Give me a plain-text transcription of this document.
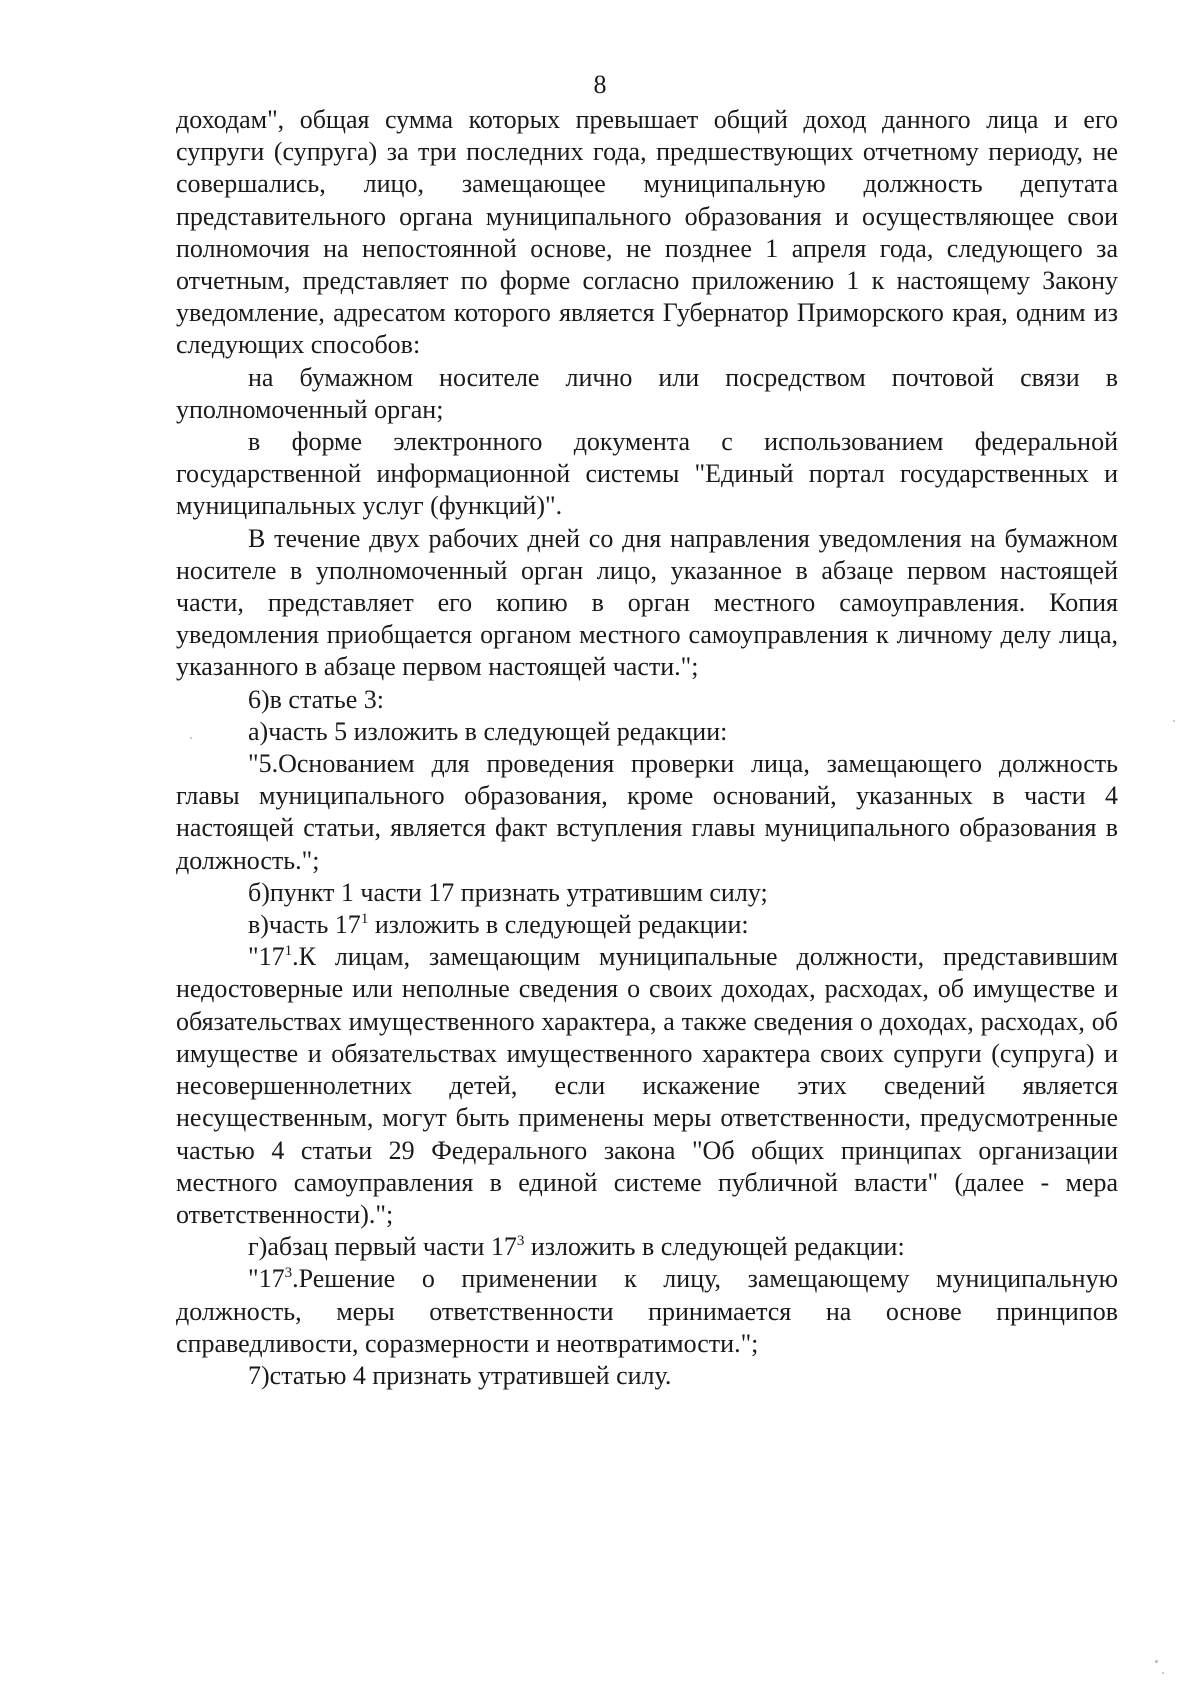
8

доходам", общая сумма которых превышает общий доход данного лица и его супруги (супруга) за три последних года, предшествующих отчетному периоду, не совершались, лицо, замещающее муниципальную должность депутата представительного органа муниципального образования и осуществляющее свои полномочия на непостоянной основе, не позднее 1 апреля года, следующего за отчетным, представляет по форме согласно приложению 1 к настоящему Закону уведомление, адресатом которого является Губернатор Приморского края, одним из следующих способов:

на бумажном носителе лично или посредством почтовой связи в уполномоченный орган;

в форме электронного документа с использованием федеральной государственной информационной системы "Единый портал государственных и муниципальных услуг (функций)".

В течение двух рабочих дней со дня направления уведомления на бумажном носителе в уполномоченный орган лицо, указанное в абзаце первом настоящей части, представляет его копию в орган местного самоуправления. Копия уведомления приобщается органом местного самоуправления к личному делу лица, указанного в абзаце первом настоящей части.";

6)в статье 3:

а)часть 5 изложить в следующей редакции:

"5.Основанием для проведения проверки лица, замещающего должность главы муниципального образования, кроме оснований, указанных в части 4 настоящей статьи, является факт вступления главы муниципального образования в должность.";

б)пункт 1 части 17 признать утратившим силу;

в)часть $17^1$ изложить в следующей редакции:

"$17^1.К$ лицам, замещающим муниципальные должности, представившим недостоверные или неполные сведения о своих доходах, расходах, об имуществе и обязательствах имущественного характера, а также сведения о доходах, расходах, об имуществе и обязательствах имущественного характера своих супруги (супруга) и несовершеннолетних детей, если искажение этих сведений является несущественным, могут быть применены меры ответственности, предусмотренные частью 4 статьи 29 Федерального закона "Об общих принципах организации местного самоуправления в единой системе публичной власти" (далее - мера ответственности).";

г)абзац первый части $17^3$ изложить в следующей редакции:

"$17^3.Решение$ о применении к лицу, замещающему муниципальную должность, меры ответственности принимается на основе принципов справедливости, соразмерности и неотвратимости.";

7)статью 4 признать утратившей силу.
